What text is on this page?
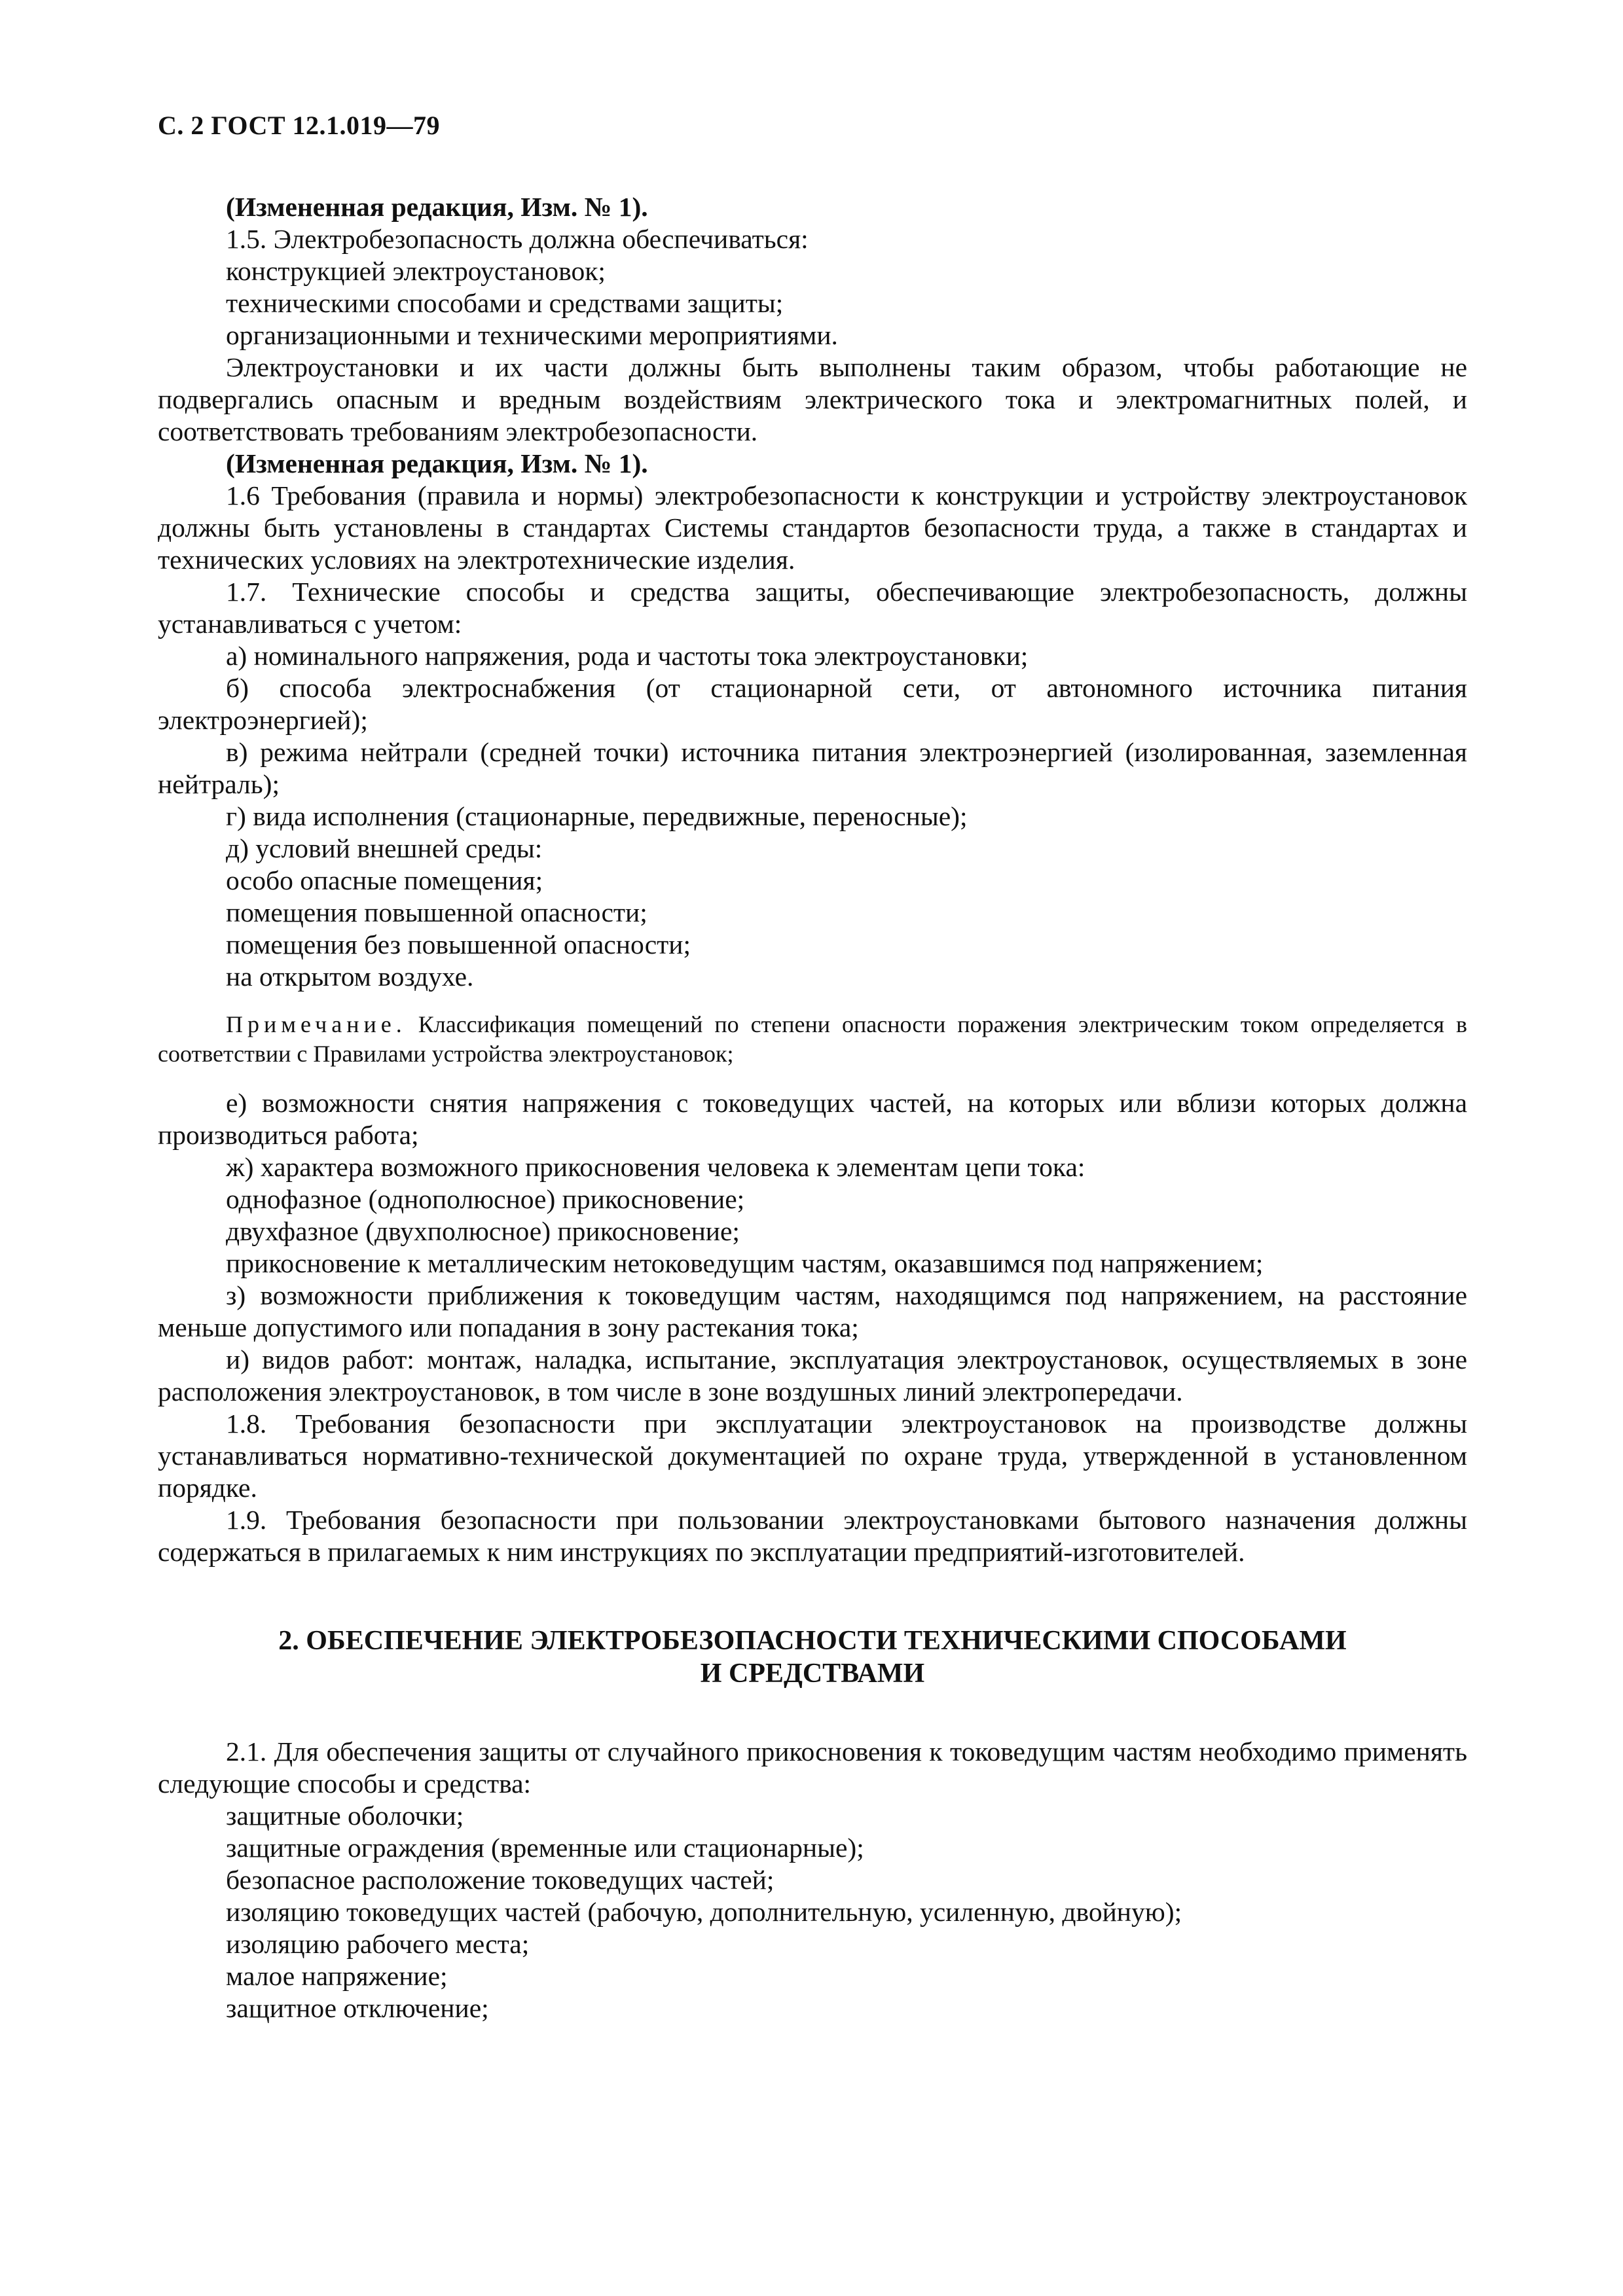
С. 2 ГОСТ 12.1.019—79

(Измененная редакция, Изм. № 1).

1.5. Электробезопасность должна обеспечиваться:

конструкцией электроустановок;

техническими способами и средствами защиты;

организационными и техническими мероприятиями.

Электроустановки и их части должны быть выполнены таким образом, чтобы работающие не подвергались опасным и вредным воздействиям электрического тока и электромагнитных полей, и соответствовать требованиям электробезопасности.

(Измененная редакция, Изм. № 1).

1.6 Требования (правила и нормы) электробезопасности к конструкции и устройству электроустановок должны быть установлены в стандартах Системы стандартов безопасности труда, а также в стандартах и технических условиях на электротехнические изделия.

1.7. Технические способы и средства защиты, обеспечивающие электробезопасность, должны устанавливаться с учетом:

а) номинального напряжения, рода и частоты тока электроустановки;

б) способа электроснабжения (от стационарной сети, от автономного источника питания электроэнергией);

в) режима нейтрали (средней точки) источника питания электроэнергией (изолированная, заземленная нейтраль);

г) вида исполнения (стационарные, передвижные, переносные);

д) условий внешней среды:

особо опасные помещения;

помещения повышенной опасности;

помещения без повышенной опасности;

на открытом воздухе.

Примечание. Классификация помещений по степени опасности поражения электрическим током определяется в соответствии с Правилами устройства электроустановок;

е) возможности снятия напряжения с токоведущих частей, на которых или вблизи которых должна производиться работа;

ж) характера возможного прикосновения человека к элементам цепи тока:

однофазное (однополюсное) прикосновение;

двухфазное (двухполюсное) прикосновение;

прикосновение к металлическим нетоковедущим частям, оказавшимся под напряжением;

з) возможности приближения к токоведущим частям, находящимся под напряжением, на расстояние меньше допустимого или попадания в зону растекания тока;

и) видов работ: монтаж, наладка, испытание, эксплуатация электроустановок, осуществляемых в зоне расположения электроустановок, в том числе в зоне воздушных линий электропередачи.

1.8. Требования безопасности при эксплуатации электроустановок на производстве должны устанавливаться нормативно-технической документацией по охране труда, утвержденной в установленном порядке.

1.9. Требования безопасности при пользовании электроустановками бытового назначения должны содержаться в прилагаемых к ним инструкциях по эксплуатации предприятий-изготовителей.

2. ОБЕСПЕЧЕНИЕ ЭЛЕКТРОБЕЗОПАСНОСТИ ТЕХНИЧЕСКИМИ СПОСОБАМИ
И СРЕДСТВАМИ

2.1. Для обеспечения защиты от случайного прикосновения к токоведущим частям необходимо применять следующие способы и средства:

защитные оболочки;

защитные ограждения (временные или стационарные);

безопасное расположение токоведущих частей;

изоляцию токоведущих частей (рабочую, дополнительную, усиленную, двойную);

изоляцию рабочего места;

малое напряжение;

защитное отключение;
